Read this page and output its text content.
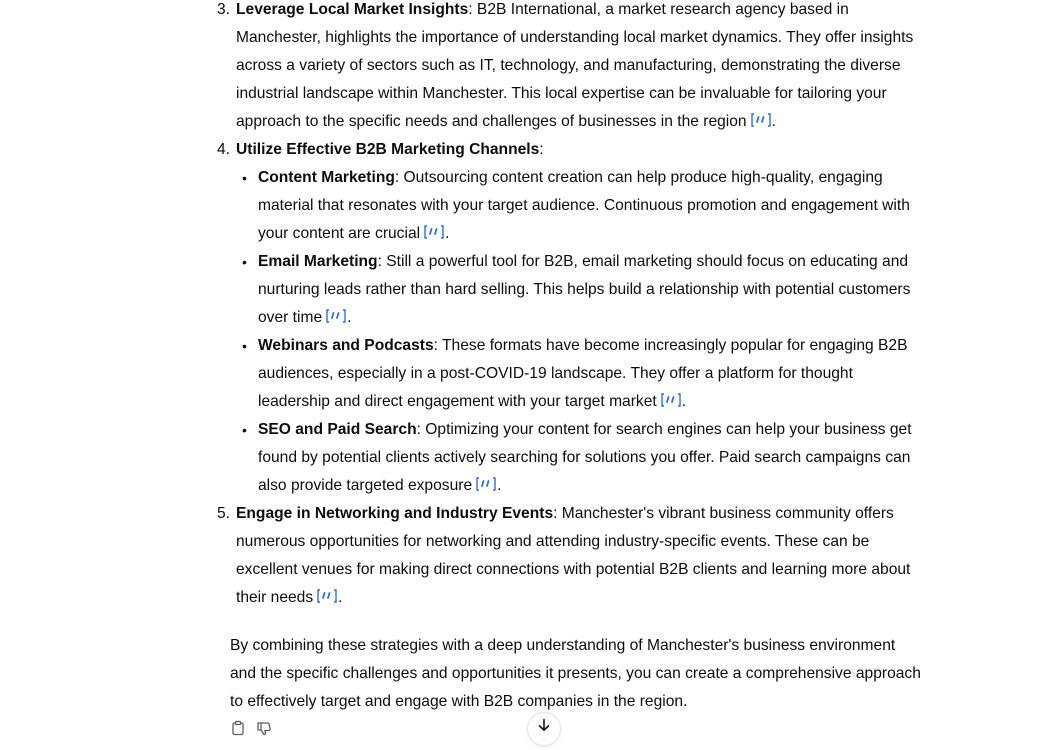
3. Leverage Local Market Insights: B2B International, a market research agency based in Manchester, highlights the importance of understanding local market dynamics. They offer insights across a variety of sectors such as IT, technology, and manufacturing, demonstrating the diverse industrial landscape within Manchester. This local expertise can be invaluable for tailoring your approach to the specific needs and challenges of businesses in the region .
4. Utilize Effective B2B Marketing Channels:
• Content Marketing: Outsourcing content creation can help produce high-quality, engaging material that resonates with your target audience. Continuous promotion and engagement with your content are crucial .
• Email Marketing: Still a powerful tool for B2B, email marketing should focus on educating and nurturing leads rather than hard selling. This helps build a relationship with potential customers over time .
• Webinars and Podcasts: These formats have become increasingly popular for engaging B2B audiences, especially in a post-COVID-19 landscape. They offer a platform for thought leadership and direct engagement with your target market .
• SEO and Paid Search: Optimizing your content for search engines can help your business get found by potential clients actively searching for solutions you offer. Paid search campaigns can also provide targeted exposure .
5. Engage in Networking and Industry Events: Manchester's vibrant business community offers numerous opportunities for networking and attending industry-specific events. These can be excellent venues for making direct connections with potential B2B clients and learning more about their needs .

By combining these strategies with a deep understanding of Manchester's business environment and the specific challenges and opportunities it presents, you can create a comprehensive approach to effectively target and engage with B2B companies in the region.
